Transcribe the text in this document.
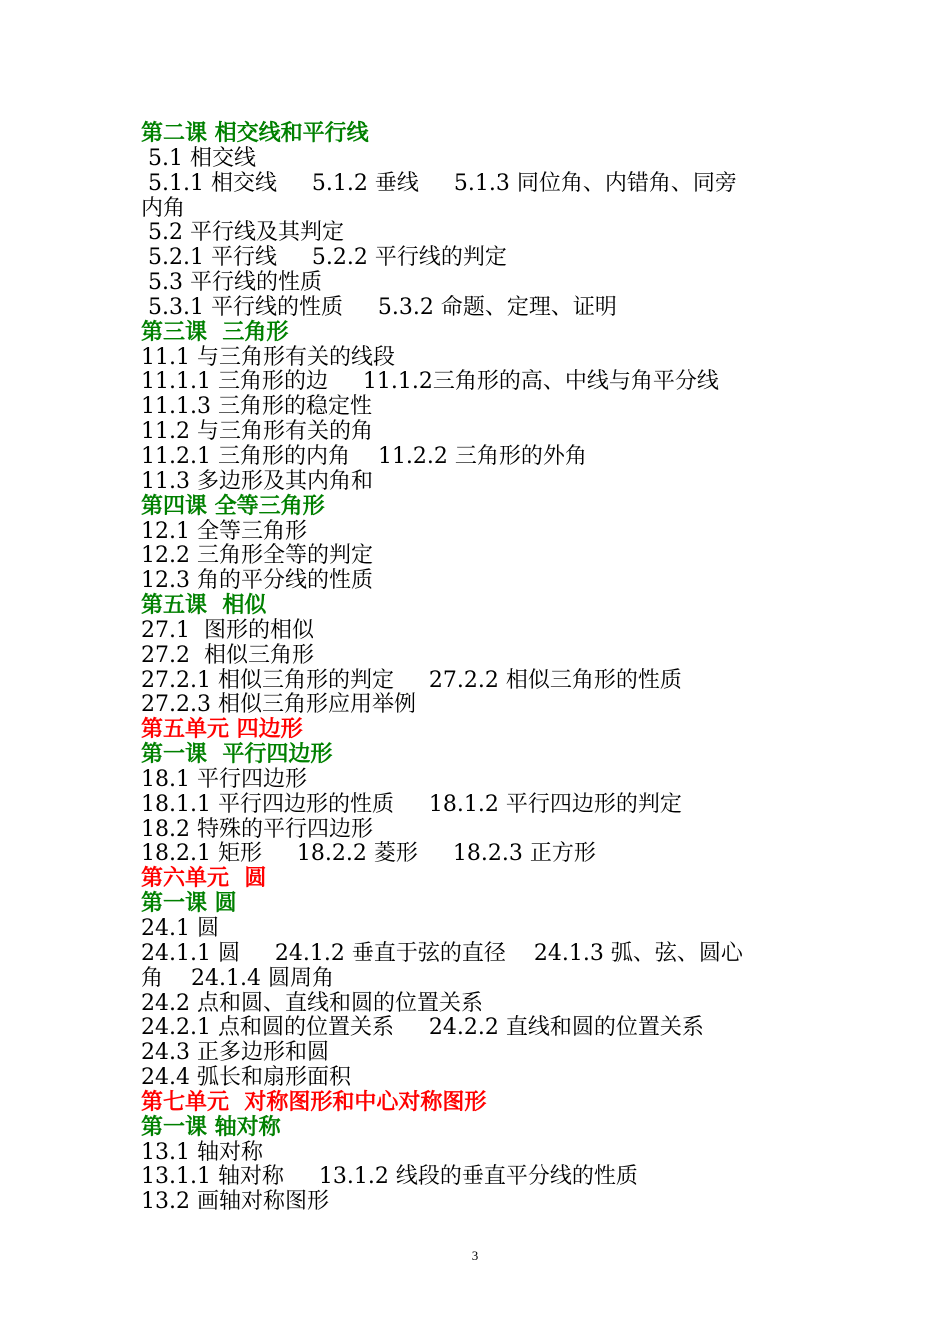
第二课 相交线和平行线
5.1 相交线
5.1.1 相交线     5.1.2 垂线     5.1.3 同位角、内错角、同旁
内角
5.2 平行线及其判定
5.2.1 平行线     5.2.2 平行线的判定
5.3 平行线的性质
5.3.1 平行线的性质     5.3.2 命题、定理、证明
第三课  三角形
11.1 与三角形有关的线段
11.1.1 三角形的边     11.1.2三角形的高、中线与角平分线
11.1.3 三角形的稳定性
11.2 与三角形有关的角
11.2.1 三角形的内角    11.2.2 三角形的外角
11.3 多边形及其内角和
第四课 全等三角形
12.1 全等三角形
12.2 三角形全等的判定
12.3 角的平分线的性质
第五课  相似
27.1  图形的相似
27.2  相似三角形
27.2.1 相似三角形的判定     27.2.2 相似三角形的性质
27.2.3 相似三角形应用举例
第五单元 四边形
第一课  平行四边形
18.1 平行四边形
18.1.1 平行四边形的性质     18.1.2 平行四边形的判定
18.2 特殊的平行四边形
18.2.1 矩形     18.2.2 菱形     18.2.3 正方形
第六单元  圆
第一课 圆
24.1 圆
24.1.1 圆     24.1.2 垂直于弦的直径    24.1.3 弧、弦、圆心
角    24.1.4 圆周角
24.2 点和圆、直线和圆的位置关系
24.2.1 点和圆的位置关系     24.2.2 直线和圆的位置关系
24.3 正多边形和圆
24.4 弧长和扇形面积
第七单元  对称图形和中心对称图形
第一课 轴对称
13.1 轴对称
13.1.1 轴对称     13.1.2 线段的垂直平分线的性质
13.2 画轴对称图形
3
